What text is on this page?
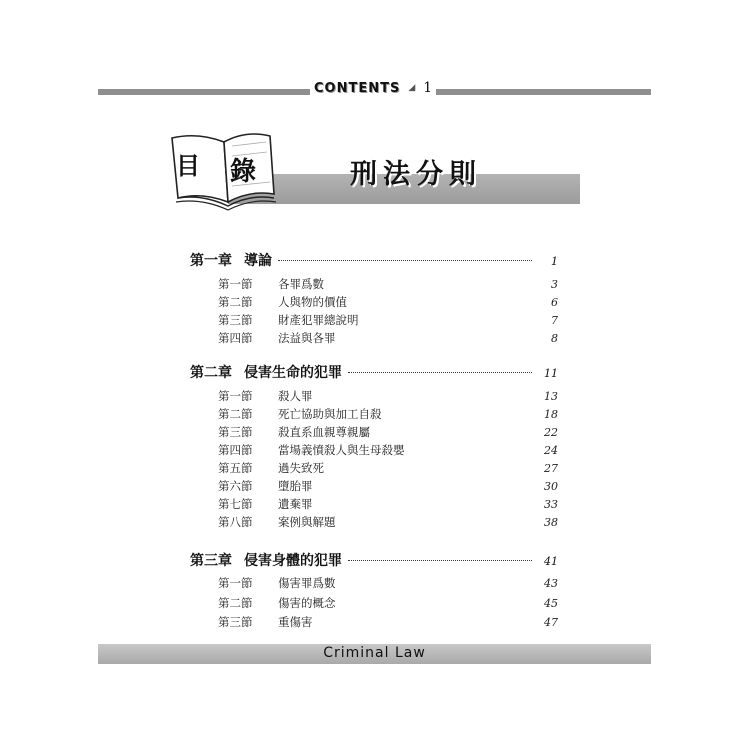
CONTENTS ◢ 1
目 錄	刑法分則
第一章 導論	1
第一節	各罪爲數	3
第二節	人與物的價值	6
第三節	財產犯罪總說明	7
第四節	法益與各罪	8
第二章 侵害生命的犯罪	11
第一節	殺人罪	13
第二節	死亡協助與加工自殺	18
第三節	殺直系血親尊親屬	22
第四節	當場義憤殺人與生母殺嬰	24
第五節	過失致死	27
第六節	墮胎罪	30
第七節	遺棄罪	33
第八節	案例與解題	38
第三章 侵害身體的犯罪	41
第一節	傷害罪爲數	43
第二節	傷害的概念	45
第三節	重傷害	47
Criminal Law
